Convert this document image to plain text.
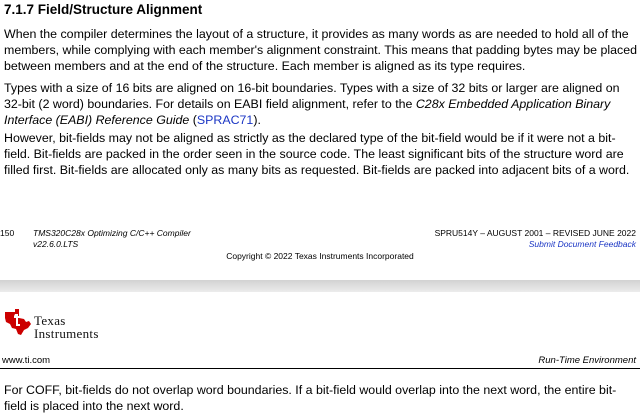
7.1.7 Field/Structure Alignment

When the compiler determines the layout of a structure, it provides as many words as are needed to hold all of the members, while complying with each member's alignment constraint. This means that padding bytes may be placed between members and at the end of the structure. Each member is aligned as its type requires.

Types with a size of 16 bits are aligned on 16-bit boundaries. Types with a size of 32 bits or larger are aligned on 32-bit (2 word) boundaries. For details on EABI field alignment, refer to the C28x Embedded Application Binary Interface (EABI) Reference Guide (SPRAC71).

However, bit-fields may not be aligned as strictly as the declared type of the bit-field would be if it were not a bit-field. Bit-fields are packed in the order seen in the source code. The least significant bits of the structure word are filled first. Bit-fields are allocated only as many bits as requested. Bit-fields are packed into adjacent bits of a word.

150 TMS320C28x Optimizing C/C++ Compiler
v22.6.0.LTS
SPRU514Y – AUGUST 2001 – REVISED JUNE 2022
Submit Document Feedback
Copyright © 2022 Texas Instruments Incorporated
Texas
Instruments
www.ti.com	Run-Time Environment

For COFF, bit-fields do not overlap word boundaries. If a bit-field would overlap into the next word, the entire bit-field is placed into the next word.
